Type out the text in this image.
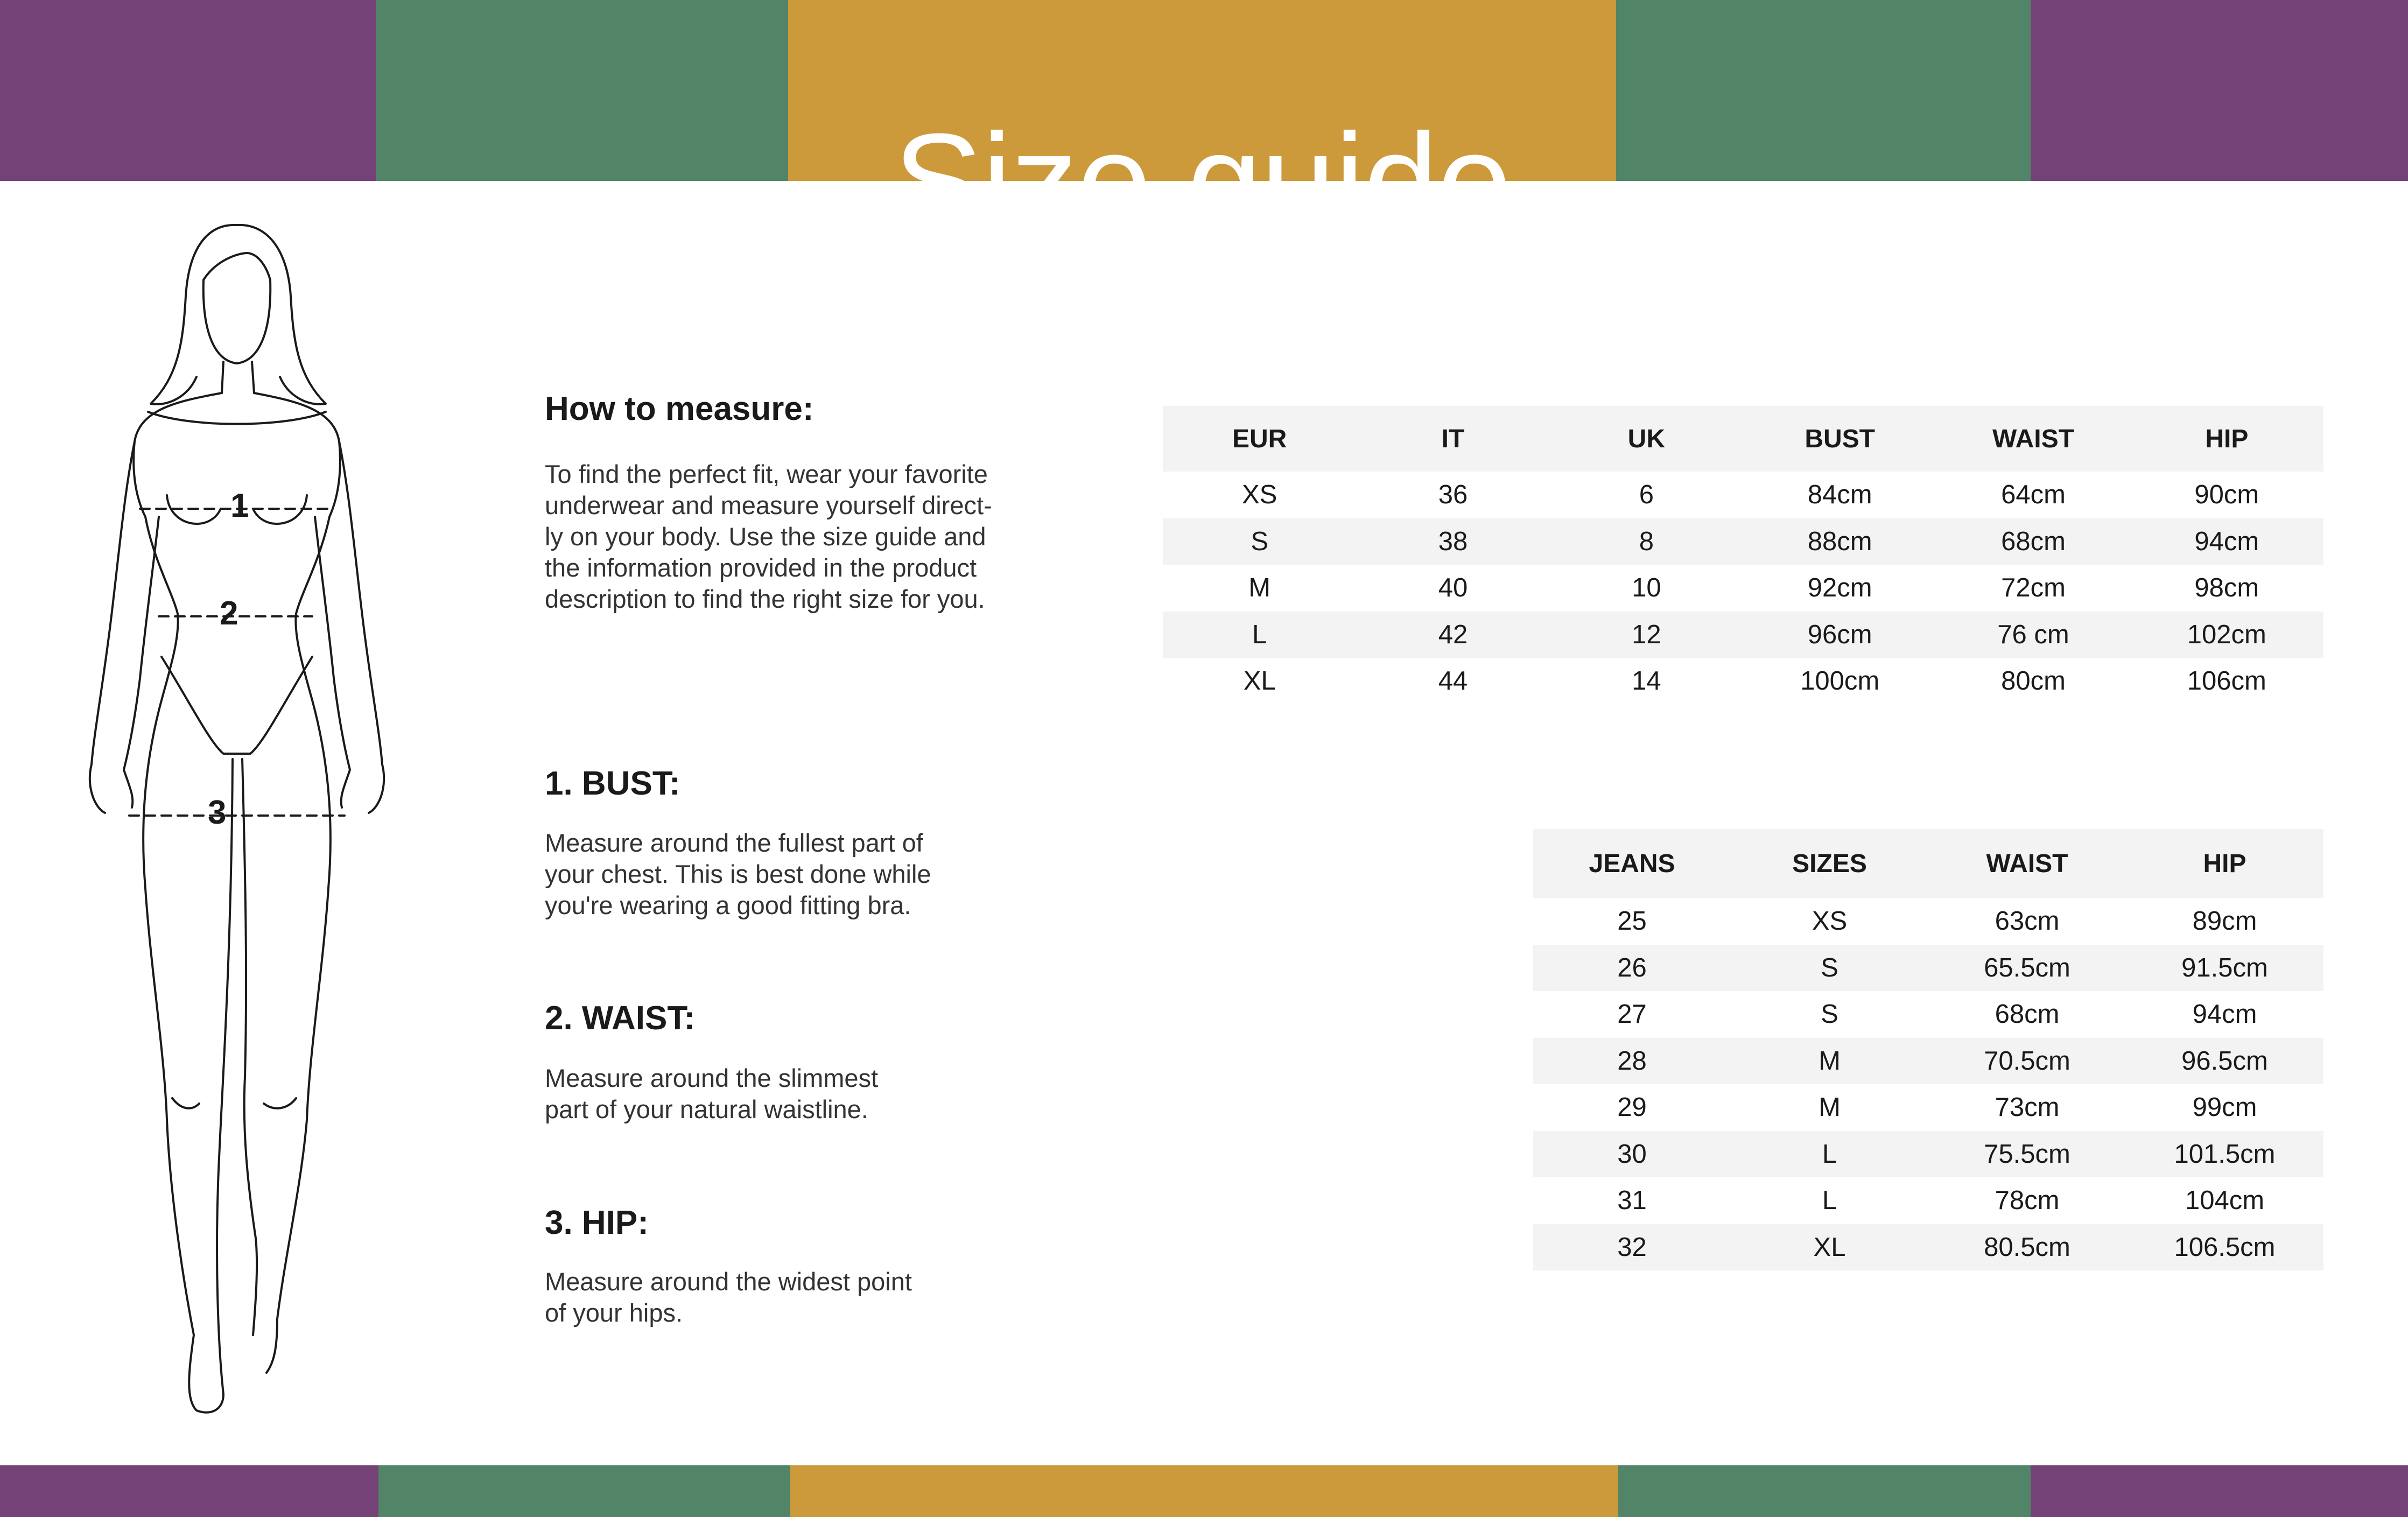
Size guide
1
2
3
How to measure:

To find the perfect fit, wear your favorite
underwear and measure yourself direct-
ly on your body. Use the size guide and
the information provided in the product
description to find the right size for you.

1. BUST:

Measure around the fullest part of
your chest. This is best done while
you're wearing a good fitting bra.

2. WAIST:

Measure around the slimmest
part of your natural waistline.

3. HIP:

Measure around the widest point
of your hips.

EUR	IT	UK	BUST	WAIST	HIP
XS	36	6	84cm	64cm	90cm
S	38	8	88cm	68cm	94cm
M	40	10	92cm	72cm	98cm
L	42	12	96cm	76 cm	102cm
XL	44	14	100cm	80cm	106cm
JEANS	SIZES	WAIST	HIP
25	XS	63cm	89cm
26	S	65.5cm	91.5cm
27	S	68cm	94cm
28	M	70.5cm	96.5cm
29	M	73cm	99cm
30	L	75.5cm	101.5cm
31	L	78cm	104cm
32	XL	80.5cm	106.5cm
